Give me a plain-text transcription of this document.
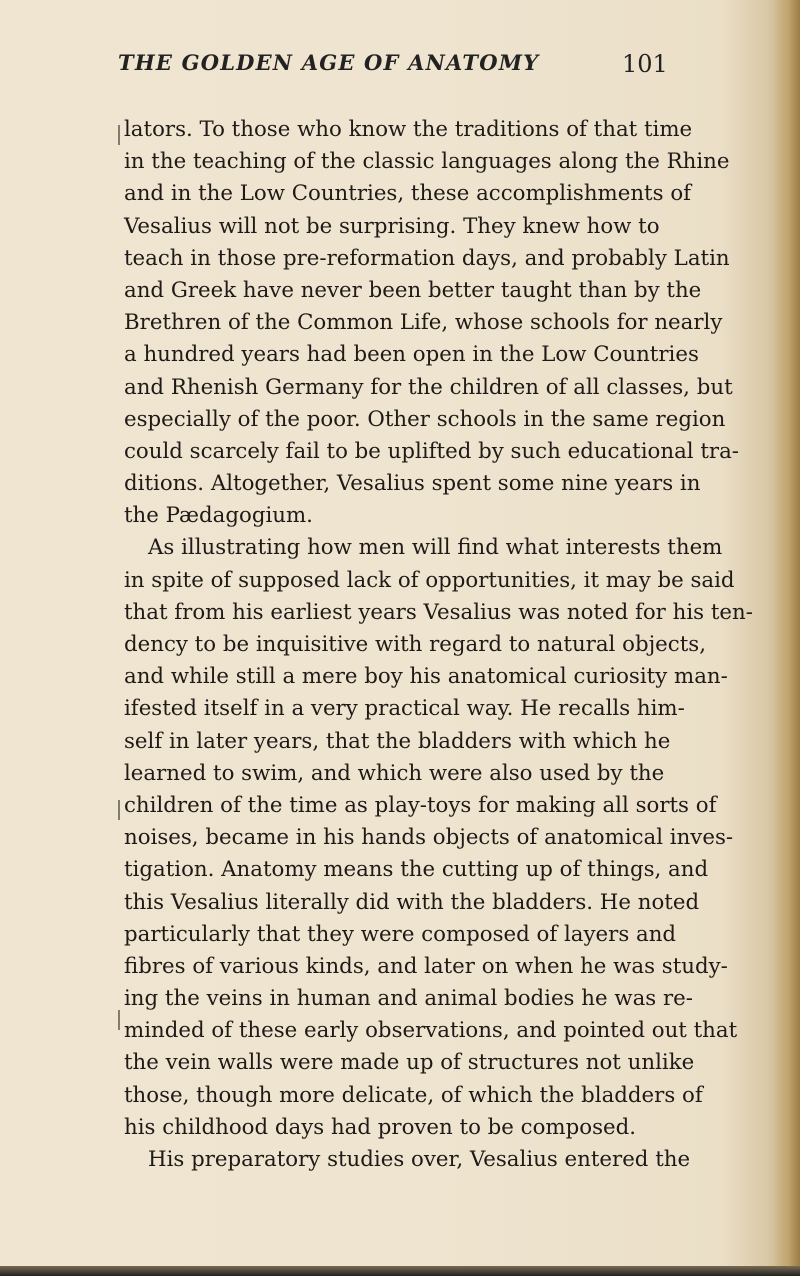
THE GOLDEN AGE OF ANATOMY	101
lators. To those who know the traditions of that time
in the teaching of the classic languages along the Rhine
and in the Low Countries, these accomplishments of
Vesalius will not be surprising. They knew how to
teach in those pre-reformation days, and probably Latin
and Greek have never been better taught than by the
Brethren of the Common Life, whose schools for nearly
a hundred years had been open in the Low Countries
and Rhenish Germany for the children of all classes, but
especially of the poor. Other schools in the same region
could scarcely fail to be uplifted by such educational tra-
ditions. Altogether, Vesalius spent some nine years in
the Pædagogium.
As illustrating how men will find what interests them
in spite of supposed lack of opportunities, it may be said
that from his earliest years Vesalius was noted for his ten-
dency to be inquisitive with regard to natural objects,
and while still a mere boy his anatomical curiosity man-
ifested itself in a very practical way. He recalls him-
self in later years, that the bladders with which he
learned to swim, and which were also used by the
children of the time as play-toys for making all sorts of
noises, became in his hands objects of anatomical inves-
tigation. Anatomy means the cutting up of things, and
this Vesalius literally did with the bladders. He noted
particularly that they were composed of layers and
fibres of various kinds, and later on when he was study-
ing the veins in human and animal bodies he was re-
minded of these early observations, and pointed out that
the vein walls were made up of structures not unlike
those, though more delicate, of which the bladders of
his childhood days had proven to be composed.
His preparatory studies over, Vesalius entered the
